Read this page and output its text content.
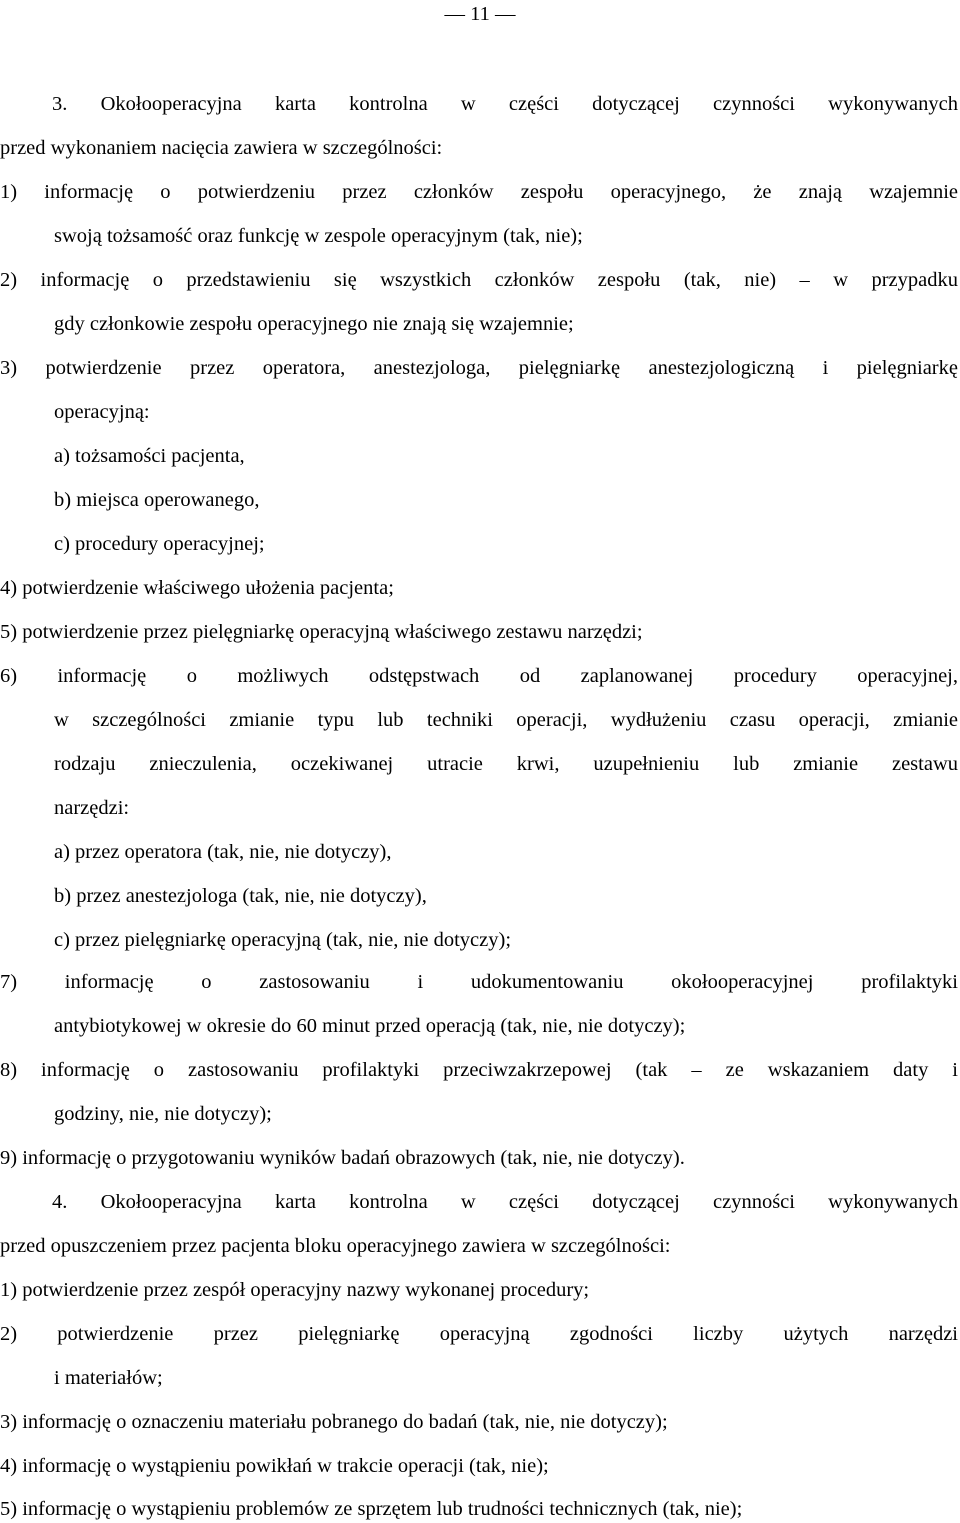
— 11 —
3. Okołooperacyjna karta kontrolna w części dotyczącej czynności wykonywanych
przed wykonaniem nacięcia zawiera w szczególności:
1) informację o potwierdzeniu przez członków zespołu operacyjnego, że znają wzajemnie
swoją tożsamość oraz funkcję w zespole operacyjnym (tak, nie);
2) informację o przedstawieniu się wszystkich członków zespołu (tak, nie) – w przypadku
gdy członkowie zespołu operacyjnego nie znają się wzajemnie;
3) potwierdzenie przez operatora, anestezjologa, pielęgniarkę anestezjologiczną i pielęgniarkę
operacyjną:
a) tożsamości pacjenta,
b) miejsca operowanego,
c) procedury operacyjnej;
4) potwierdzenie właściwego ułożenia pacjenta;
5) potwierdzenie przez pielęgniarkę operacyjną właściwego zestawu narzędzi;
6) informację o możliwych odstępstwach od zaplanowanej procedury operacyjnej,
w szczególności zmianie typu lub techniki operacji, wydłużeniu czasu operacji, zmianie
rodzaju znieczulenia, oczekiwanej utracie krwi, uzupełnieniu lub zmianie zestawu
narzędzi:
a) przez operatora (tak, nie, nie dotyczy),
b) przez anestezjologa (tak, nie, nie dotyczy),
c) przez pielęgniarkę operacyjną (tak, nie, nie dotyczy);
7) informację o zastosowaniu i udokumentowaniu okołooperacyjnej profilaktyki
antybiotykowej w okresie do 60 minut przed operacją (tak, nie, nie dotyczy);
8) informację o zastosowaniu profilaktyki przeciwzakrzepowej (tak – ze wskazaniem daty i
godziny, nie, nie dotyczy);
9) informację o przygotowaniu wyników badań obrazowych (tak, nie, nie dotyczy).
4. Okołooperacyjna karta kontrolna w części dotyczącej czynności wykonywanych
przed opuszczeniem przez pacjenta bloku operacyjnego zawiera w szczególności:
1) potwierdzenie przez zespół operacyjny nazwy wykonanej procedury;
2) potwierdzenie przez pielęgniarkę operacyjną zgodności liczby użytych narzędzi
i materiałów;
3) informację o oznaczeniu materiału pobranego do badań (tak, nie, nie dotyczy);
4) informację o wystąpieniu powikłań w trakcie operacji (tak, nie);
5) informację o wystąpieniu problemów ze sprzętem lub trudności technicznych (tak, nie);
